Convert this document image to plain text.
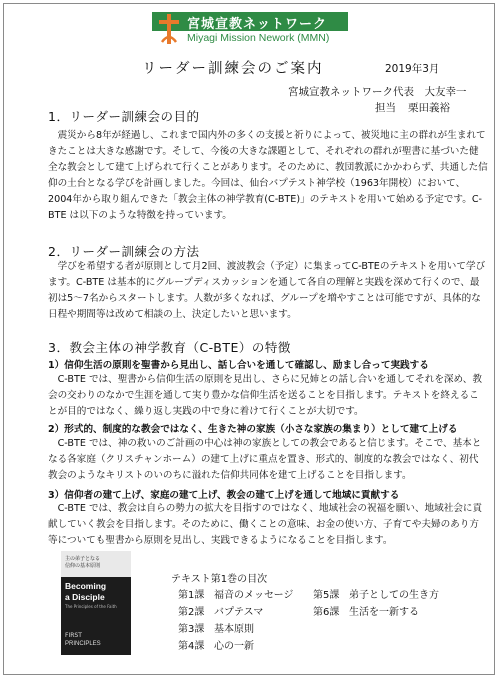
宮城宣教ネットワーク
Miyagi Mission Nework (MMN)
リーダー訓練会のご案内	2019年3月
宮城宣教ネットワーク代表　大友幸一
担当 栗田義裕
1．リーダー訓練会の目的

震災から8年が経過し、これまで国内外の多くの支援と祈りによって、被災地に主の群れが生まれてきたことは大きな感謝です。そして、今後の大きな課題として、それぞれの群れが聖書に基づいた健全な教会として建て上げられて行くことがあります。そのために、教団教派にかかわらず、共通した信仰の土台となる学びを計画しました。今回は、仙台バプテスト神学校（1963年開校）において、2004年から取り組んできた「教会主体の神学教育(C-BTE)」のテキストを用いて始める予定です。C-BTE は以下のような特徴を持っています。

2．リーダー訓練会の方法

学びを希望する者が原則として月2回、渡波教会（予定）に集まってC-BTEのテキストを用いて学びます。C-BTE は基本的にグループディスカッションを通して各自の理解と実践を深めて行くので、最初は5～7名からスタートします。人数が多くなれば、グループを増やすことは可能ですが、具体的な日程や期間等は改めて相談の上、決定したいと思います。

3．教会主体の神学教育（C-BTE）の特徴
1）信仰生活の原則を聖書から見出し、話し合いを通して確認し、励まし合って実践する

C-BTE では、聖書から信仰生活の原則を見出し、さらに兄姉との話し合いを通してそれを深め、教会の交わりのなかで生涯を通して実り豊かな信仰生活を送ることを目指します。テキストを終えることが目的ではなく、繰り返し実践の中で身に着けて行くことが大切です。

2）形式的、制度的な教会ではなく、生きた神の家族（小さな家族の集まり）として建て上げる

C-BTE では、神の救いのご計画の中心は神の家族としての教会であると信じます。そこで、基本となる各家庭（クリスチャンホーム）の建て上げに重点を置き、形式的、制度的な教会ではなく、初代教会のようなキリストのいのちに溢れた信仰共同体を建て上げることを目指します。

3）信仰者の建て上げ、家庭の建て上げ、教会の建て上げを通して地域に貢献する

C-BTE では、教会は自らの勢力の拡大を目指すのではなく、地域社会の祝福を願い、地域社会に貢献していく教会を目指します。そのために、働くことの意味、お金の使い方、子育てや夫婦のあり方等についても聖書から原則を見出し、実践できるようになることを目指します。

主の弟子となる
信仰の基本原則
Becoming
a Disciple
The Principles of the Faith
FIRST
PRINCIPLES
テキスト第1巻の目次
第1課 福音のメッセージ
第2課 バプテスマ
第3課 基本原則
第4課 心の一新
第5課 弟子としての生き方
第6課 生活を一新する
